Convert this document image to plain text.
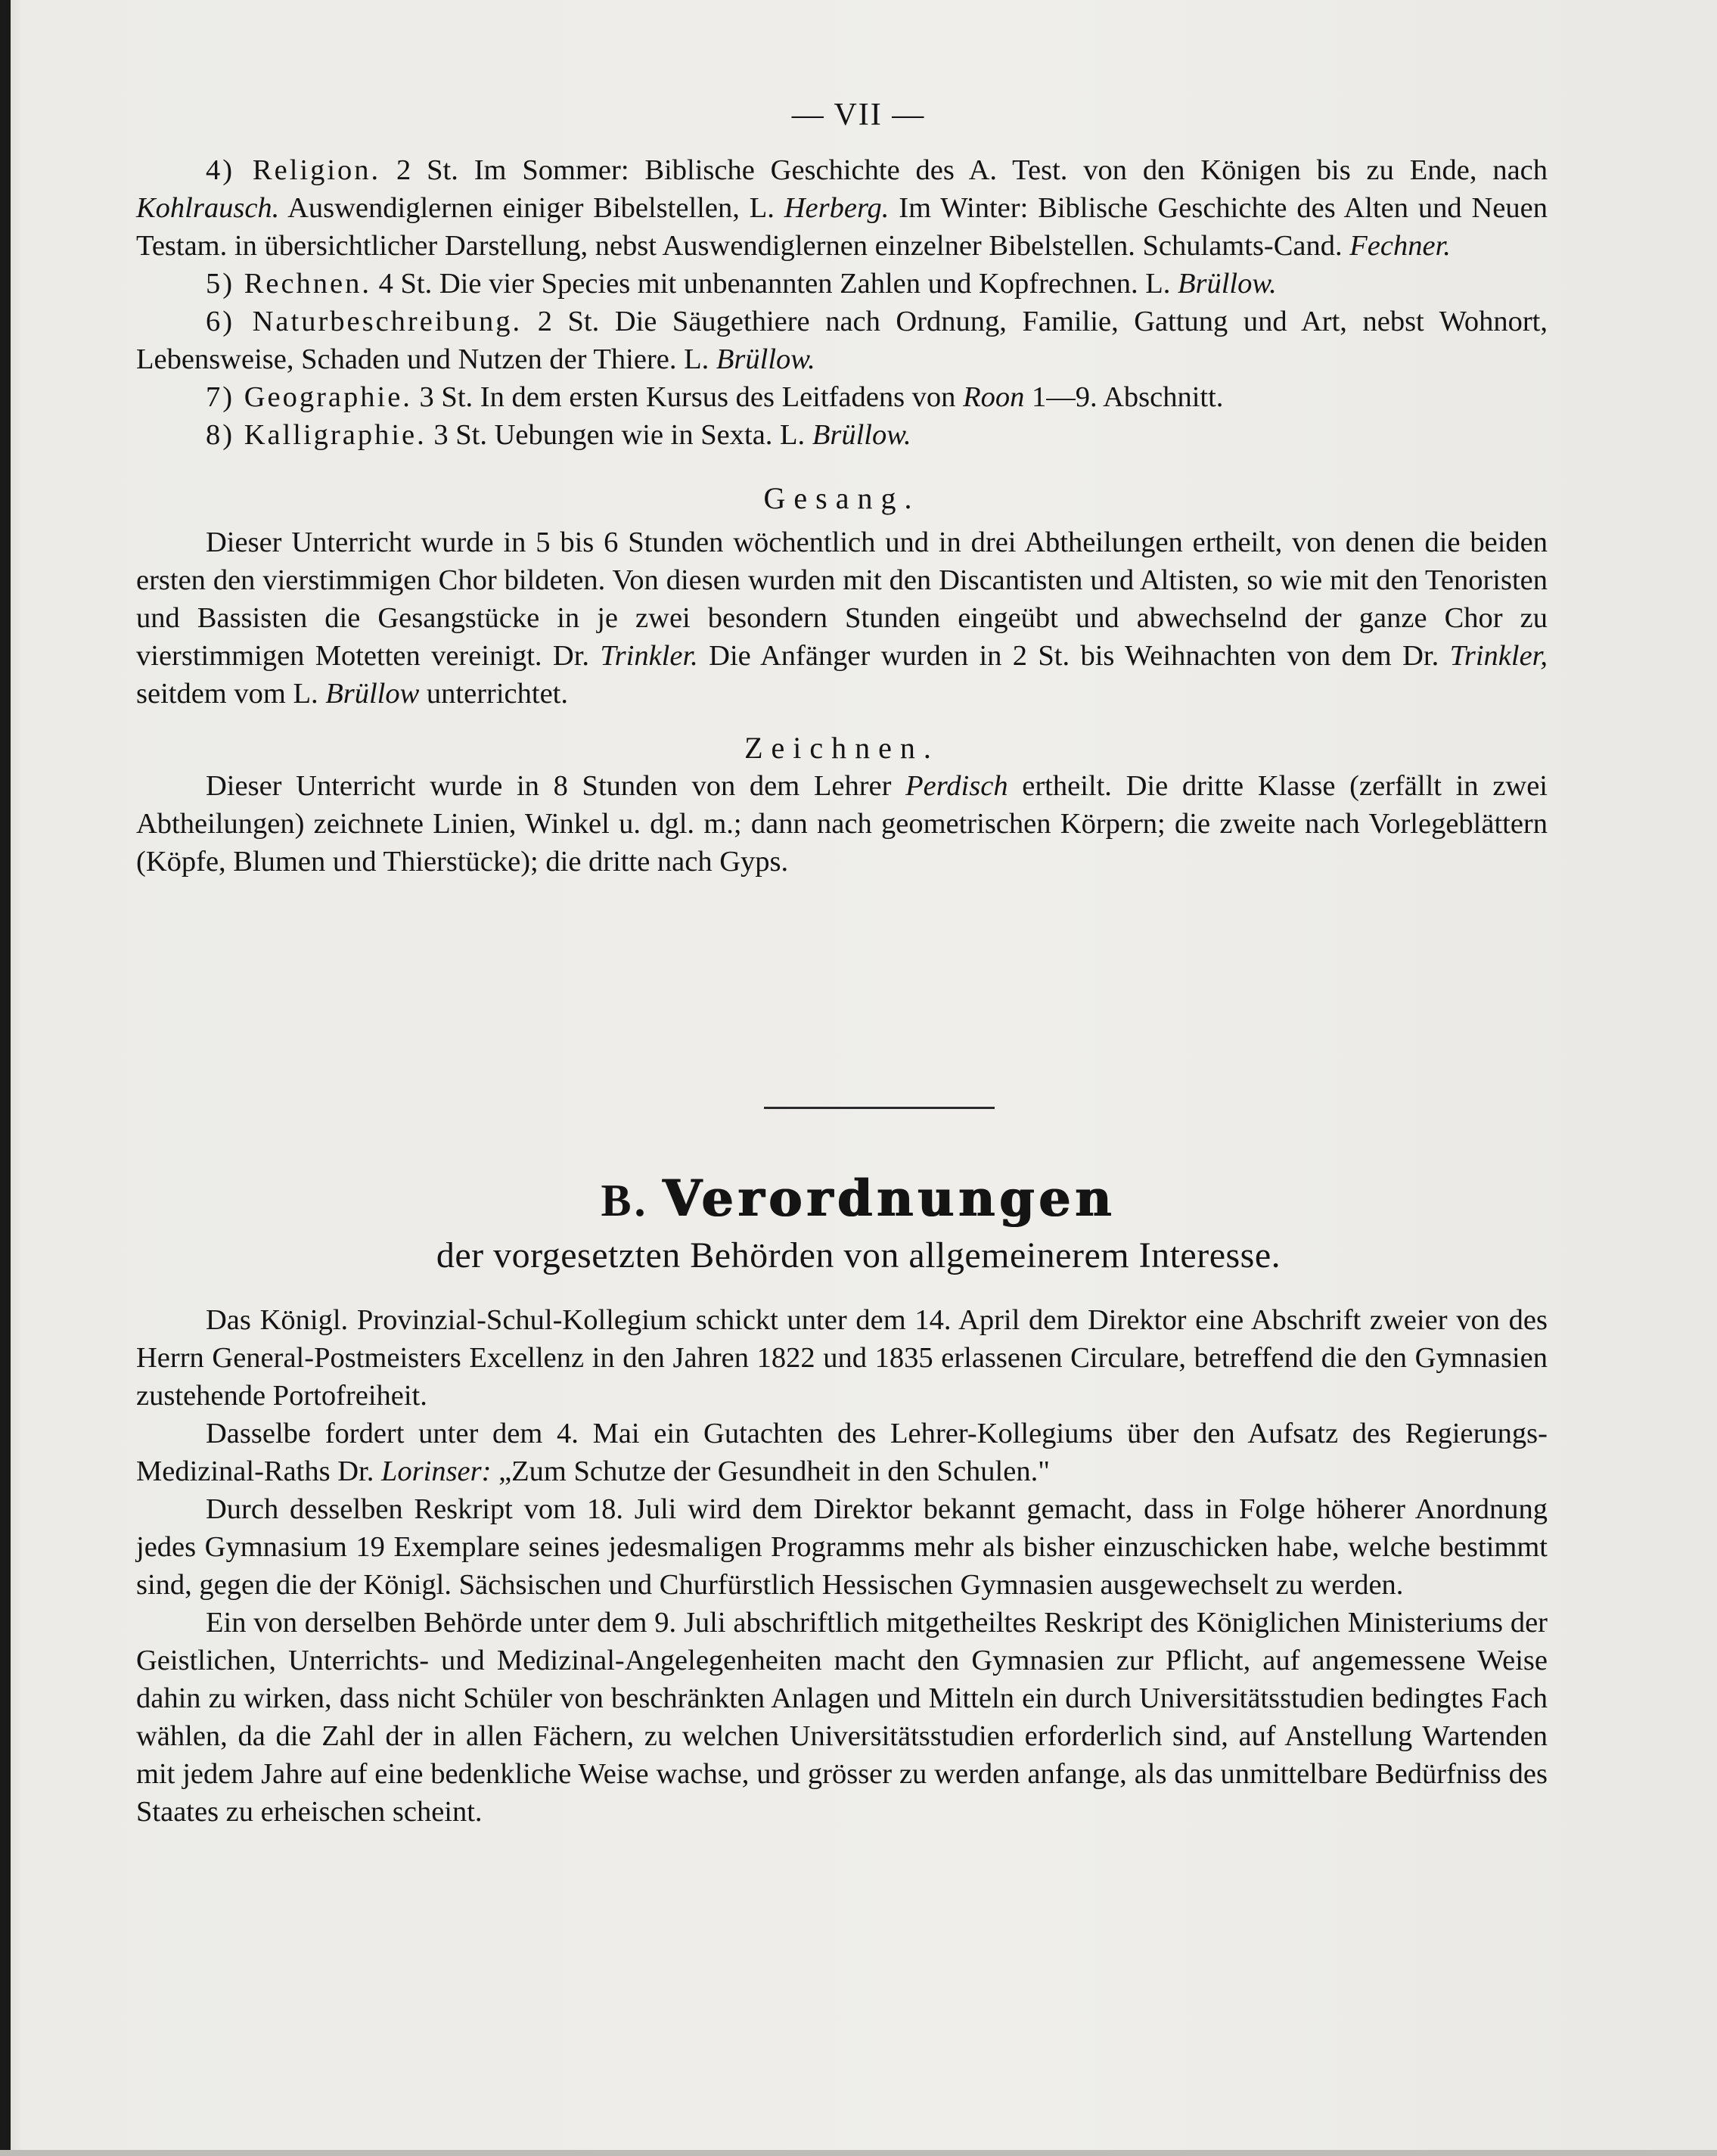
— VII —

4) Religion. 2 St. Im Sommer: Biblische Geschichte des A. Test. von den Königen bis zu Ende, nach Kohlrausch. Auswendiglernen einiger Bibelstellen, L. Herberg. Im Winter: Biblische Geschichte des Alten und Neuen Testam. in übersichtlicher Darstellung, nebst Auswendiglernen einzelner Bibelstellen. Schulamts-Cand. Fechner.

5) Rechnen. 4 St. Die vier Species mit unbenannten Zahlen und Kopfrechnen. L. Brüllow.

6) Naturbeschreibung. 2 St. Die Säugethiere nach Ordnung, Familie, Gattung und Art, nebst Wohnort, Lebensweise, Schaden und Nutzen der Thiere. L. Brüllow.

7) Geographie. 3 St. In dem ersten Kursus des Leitfadens von Roon 1—9. Abschnitt.

8) Kalligraphie. 3 St. Uebungen wie in Sexta. L. Brüllow.

Gesang.

Dieser Unterricht wurde in 5 bis 6 Stunden wöchentlich und in drei Abtheilungen ertheilt, von denen die beiden ersten den vierstimmigen Chor bildeten. Von diesen wurden mit den Discantisten und Altisten, so wie mit den Tenoristen und Bassisten die Gesangstücke in je zwei besondern Stunden eingeübt und abwechselnd der ganze Chor zu vierstimmigen Motetten vereinigt. Dr. Trinkler. Die Anfänger wurden in 2 St. bis Weihnachten von dem Dr. Trinkler, seitdem vom L. Brüllow unterrichtet.

Zeichnen.

Dieser Unterricht wurde in 8 Stunden von dem Lehrer Perdisch ertheilt. Die dritte Klasse (zerfällt in zwei Abtheilungen) zeichnete Linien, Winkel u. dgl. m.; dann nach geometrischen Körpern; die zweite nach Vorlegeblättern (Köpfe, Blumen und Thierstücke); die dritte nach Gyps.

B. Verordnungen
der vorgesetzten Behörden von allgemeinerem Interesse.

Das Königl. Provinzial-Schul-Kollegium schickt unter dem 14. April dem Direktor eine Abschrift zweier von des Herrn General-Postmeisters Excellenz in den Jahren 1822 und 1835 erlassenen Circulare, betreffend die den Gymnasien zustehende Portofreiheit.

Dasselbe fordert unter dem 4. Mai ein Gutachten des Lehrer-Kollegiums über den Aufsatz des Regierungs-Medizinal-Raths Dr. Lorinser: „Zum Schutze der Gesundheit in den Schulen."

Durch desselben Reskript vom 18. Juli wird dem Direktor bekannt gemacht, dass in Folge höherer Anordnung jedes Gymnasium 19 Exemplare seines jedesmaligen Programms mehr als bisher einzuschicken habe, welche bestimmt sind, gegen die der Königl. Sächsischen und Churfürstlich Hessischen Gymnasien ausgewechselt zu werden.

Ein von derselben Behörde unter dem 9. Juli abschriftlich mitgetheiltes Reskript des Königlichen Ministeriums der Geistlichen, Unterrichts- und Medizinal-Angelegenheiten macht den Gymnasien zur Pflicht, auf angemessene Weise dahin zu wirken, dass nicht Schüler von beschränkten Anlagen und Mitteln ein durch Universitätsstudien bedingtes Fach wählen, da die Zahl der in allen Fächern, zu welchen Universitätsstudien erforderlich sind, auf Anstellung Wartenden mit jedem Jahre auf eine bedenkliche Weise wachse, und grösser zu werden anfange, als das unmittelbare Bedürfniss des Staates zu erheischen scheint.
